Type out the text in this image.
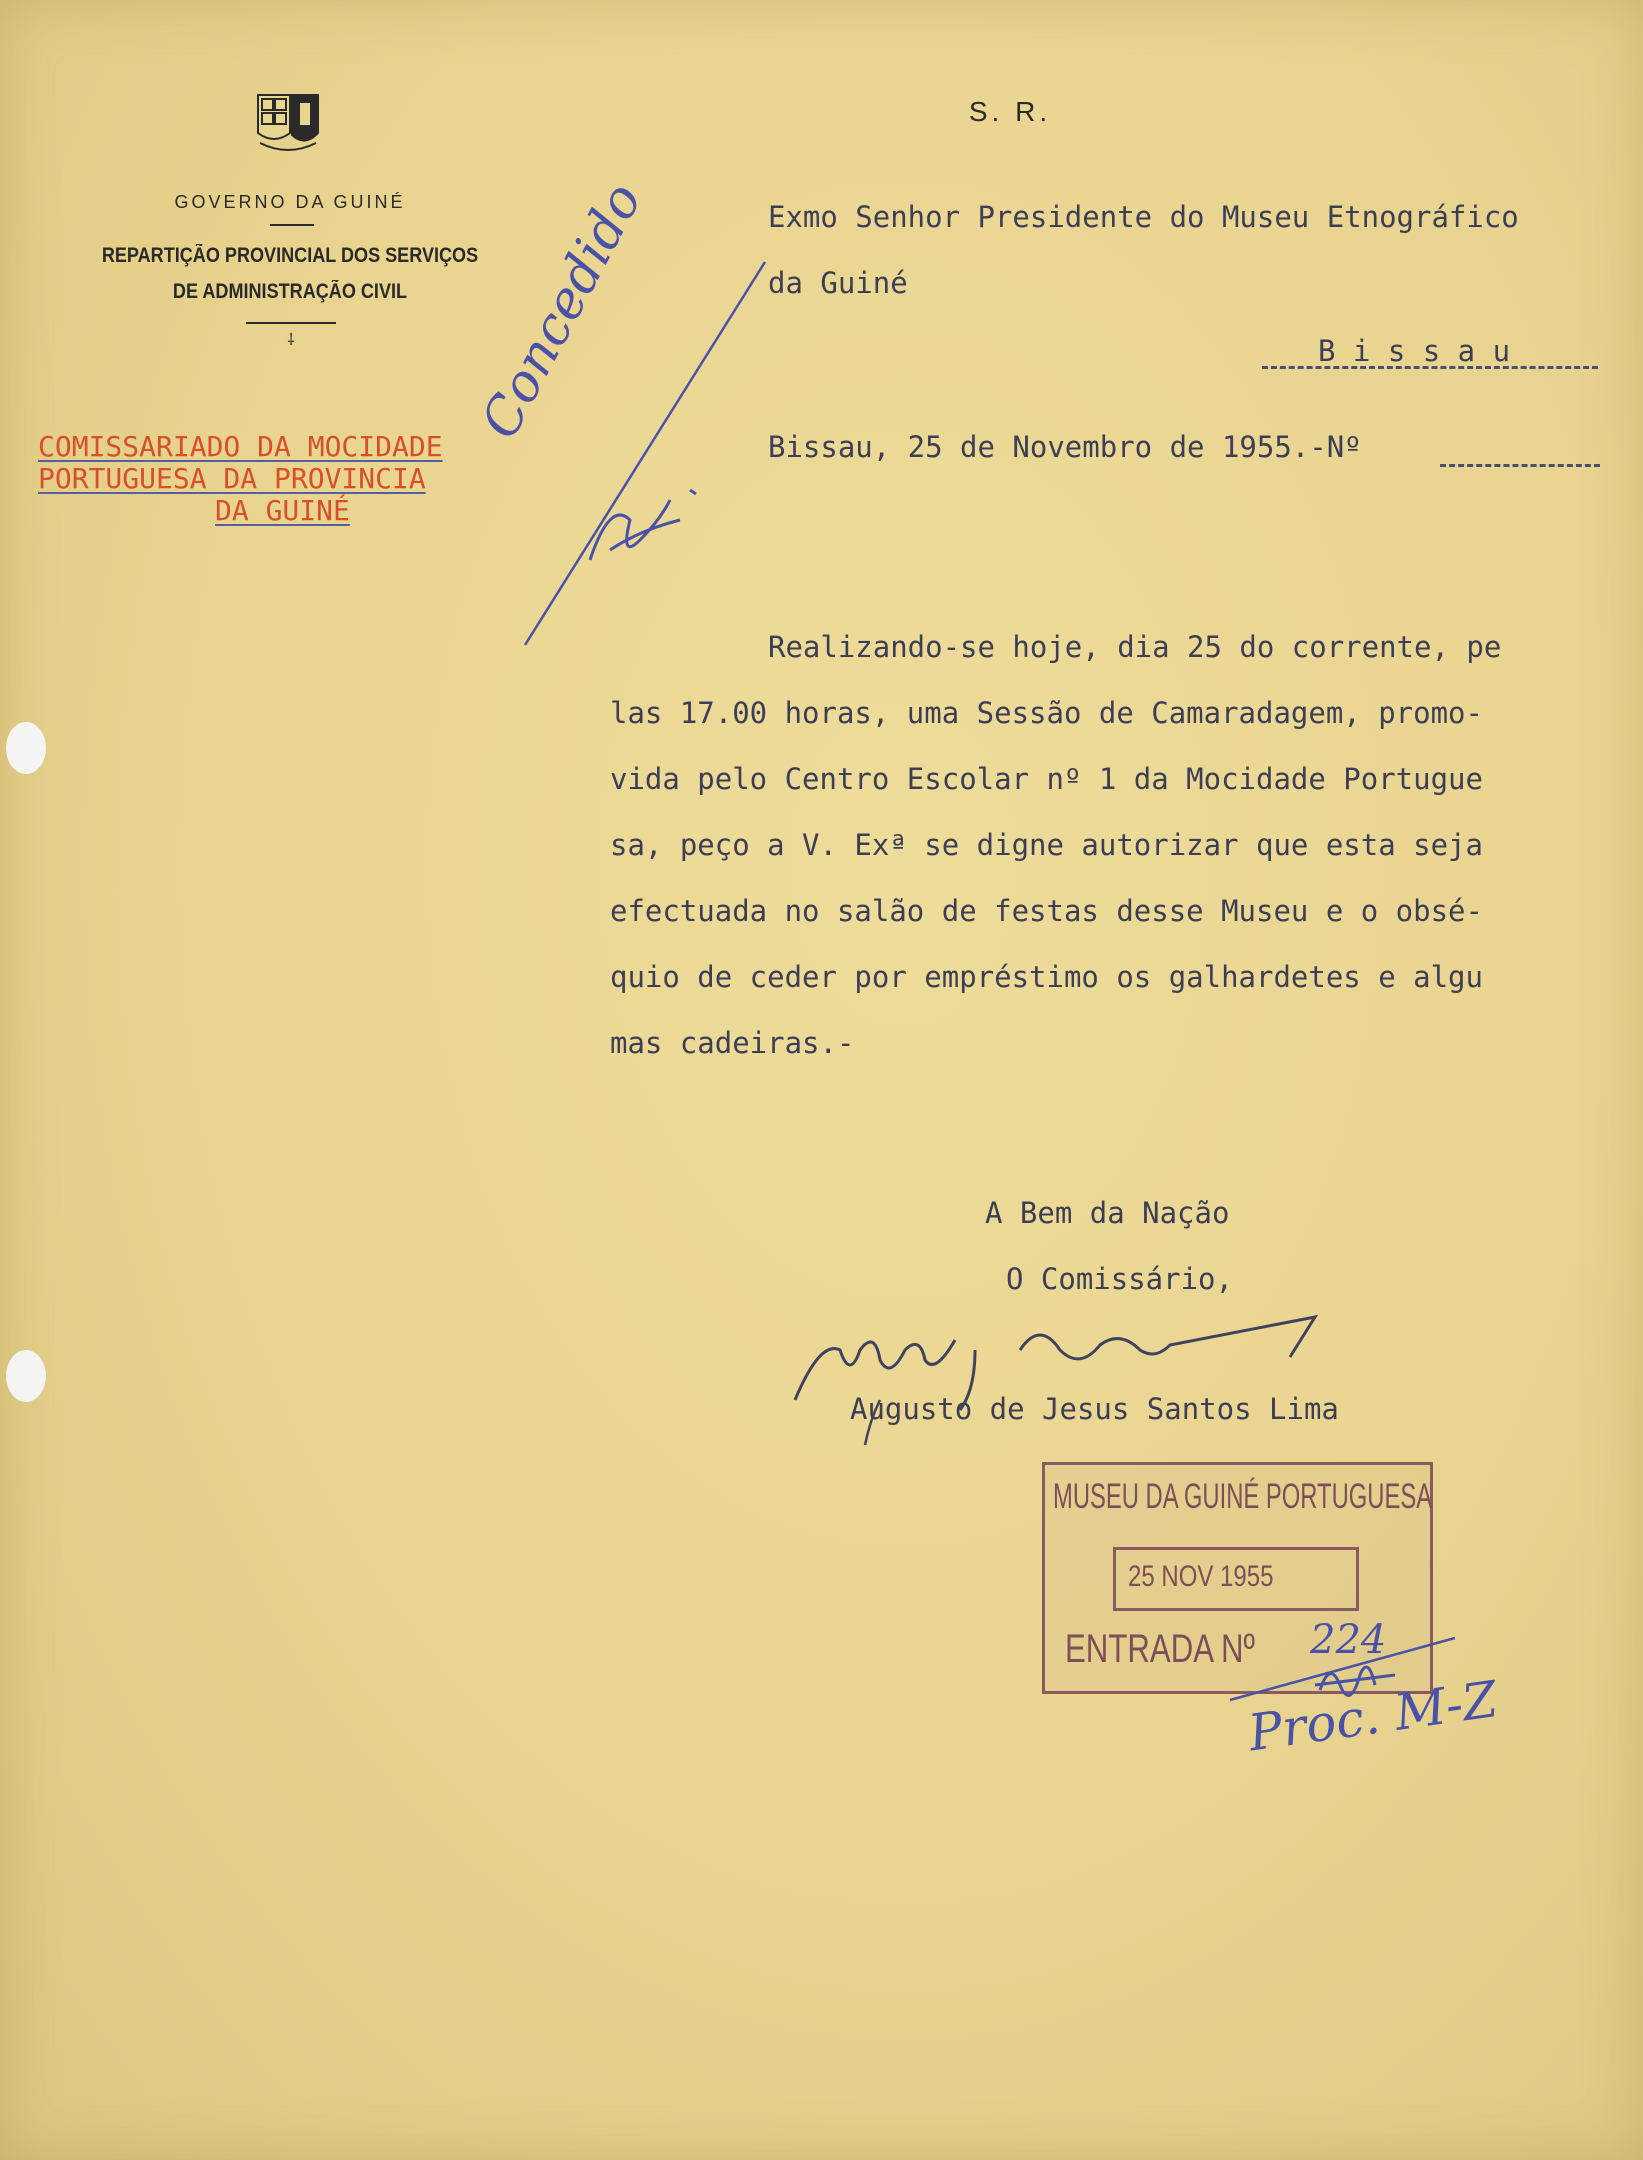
GOVERNO DA GUINÉ
REPARTIÇÃO PROVINCIAL DOS SERVIÇOS
DE ADMINISTRAÇÃO CIVIL
⸸
COMISSARIADO DA MOCIDADE
PORTUGUESA DA PROVINCIA
DA GUINÉ
S. R.
Exmo Senhor Presidente do Museu Etnográfico
da Guiné
B i s s a u
Bissau, 25 de Novembro de 1955.-Nº
Realizando-se hoje, dia 25 do corrente, pe
las 17.00 horas, uma Sessão de Camaradagem, promo-
vida pelo Centro Escolar nº 1 da Mocidade Portugue
sa, peço a V. Exª se digne autorizar que esta seja
efectuada no salão de festas desse Museu e o obsé-
quio de ceder por empréstimo os galhardetes e algu
mas cadeiras.-
A Bem da Nação
O Comissário,
Augusto de Jesus Santos Lima
MUSEU DA GUINÉ PORTUGUESA
25 NOV 1955
ENTRADA Nº 224
Concedido
Proc. M-Z
